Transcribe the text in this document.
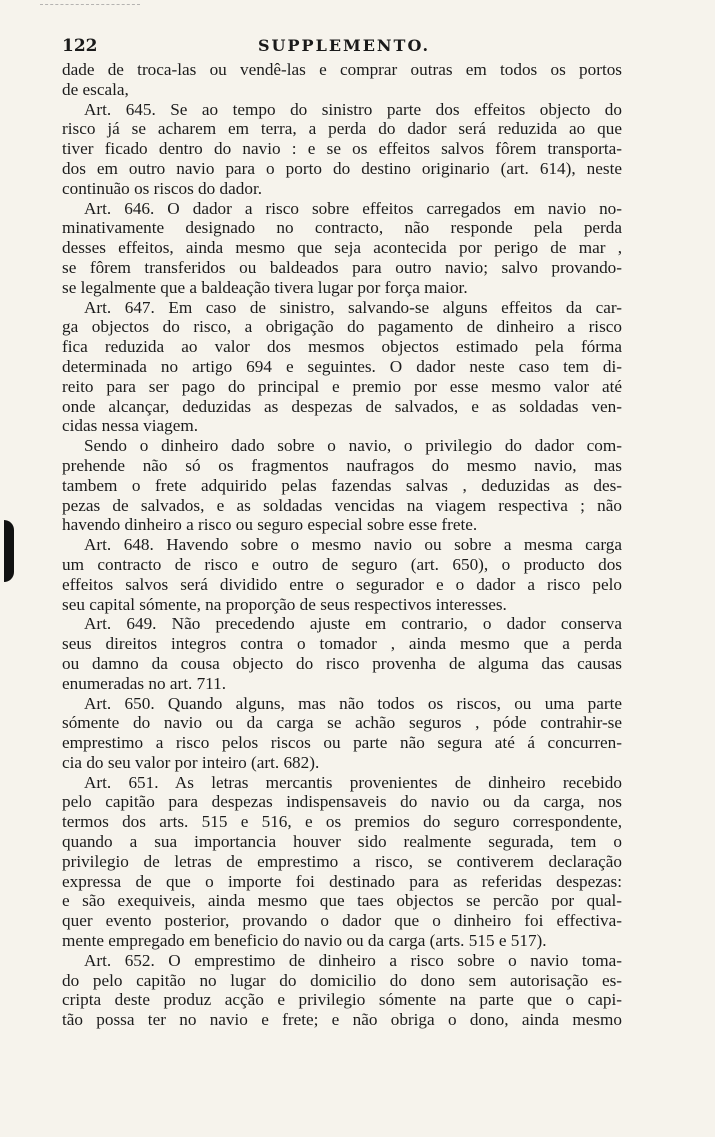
122	SUPPLEMENTO.
dade de troca-las ou vendê-las e comprar outras em todos os portos
de escala,
Art. 645. Se ao tempo do sinistro parte dos effeitos objecto do
risco já se acharem em terra, a perda do dador será reduzida ao que
tiver ficado dentro do navio : e se os effeitos salvos fôrem transporta-
dos em outro navio para o porto do destino originario (art. 614), neste
continuão os riscos do dador.
Art. 646. O dador a risco sobre effeitos carregados em navio no-
minativamente designado no contracto, não responde pela perda
desses effeitos, ainda mesmo que seja acontecida por perigo de mar ,
se fôrem transferidos ou baldeados para outro navio; salvo provando-
se legalmente que a baldeação tivera lugar por força maior.
Art. 647. Em caso de sinistro, salvando-se alguns effeitos da car-
ga objectos do risco, a obrigação do pagamento de dinheiro a risco
fica reduzida ao valor dos mesmos objectos estimado pela fórma
determinada no artigo 694 e seguintes. O dador neste caso tem di-
reito para ser pago do principal e premio por esse mesmo valor até
onde alcançar, deduzidas as despezas de salvados, e as soldadas ven-
cidas nessa viagem.
Sendo o dinheiro dado sobre o navio, o privilegio do dador com-
prehende não só os fragmentos naufragos do mesmo navio, mas
tambem o frete adquirido pelas fazendas salvas , deduzidas as des-
pezas de salvados, e as soldadas vencidas na viagem respectiva ; não
havendo dinheiro a risco ou seguro especial sobre esse frete.
Art. 648. Havendo sobre o mesmo navio ou sobre a mesma carga
um contracto de risco e outro de seguro (art. 650), o producto dos
effeitos salvos será dividido entre o segurador e o dador a risco pelo
seu capital sómente, na proporção de seus respectivos interesses.
Art. 649. Não precedendo ajuste em contrario, o dador conserva
seus direitos integros contra o tomador , ainda mesmo que a perda
ou damno da cousa objecto do risco provenha de alguma das causas
enumeradas no art. 711.
Art. 650. Quando alguns, mas não todos os riscos, ou uma parte
sómente do navio ou da carga se achão seguros , póde contrahir-se
emprestimo a risco pelos riscos ou parte não segura até á concurren-
cia do seu valor por inteiro (art. 682).
Art. 651. As letras mercantis provenientes de dinheiro recebido
pelo capitão para despezas indispensaveis do navio ou da carga, nos
termos dos arts. 515 e 516, e os premios do seguro correspondente,
quando a sua importancia houver sido realmente segurada, tem o
privilegio de letras de emprestimo a risco, se contiverem declaração
expressa de que o importe foi destinado para as referidas despezas:
e são exequiveis, ainda mesmo que taes objectos se percão por qual-
quer evento posterior, provando o dador que o dinheiro foi effectiva-
mente empregado em beneficio do navio ou da carga (arts. 515 e 517).
Art. 652. O emprestimo de dinheiro a risco sobre o navio toma-
do pelo capitão no lugar do domicilio do dono sem autorisação es-
cripta deste produz acção e privilegio sómente na parte que o capi-
tão possa ter no navio e frete; e não obriga o dono, ainda mesmo
